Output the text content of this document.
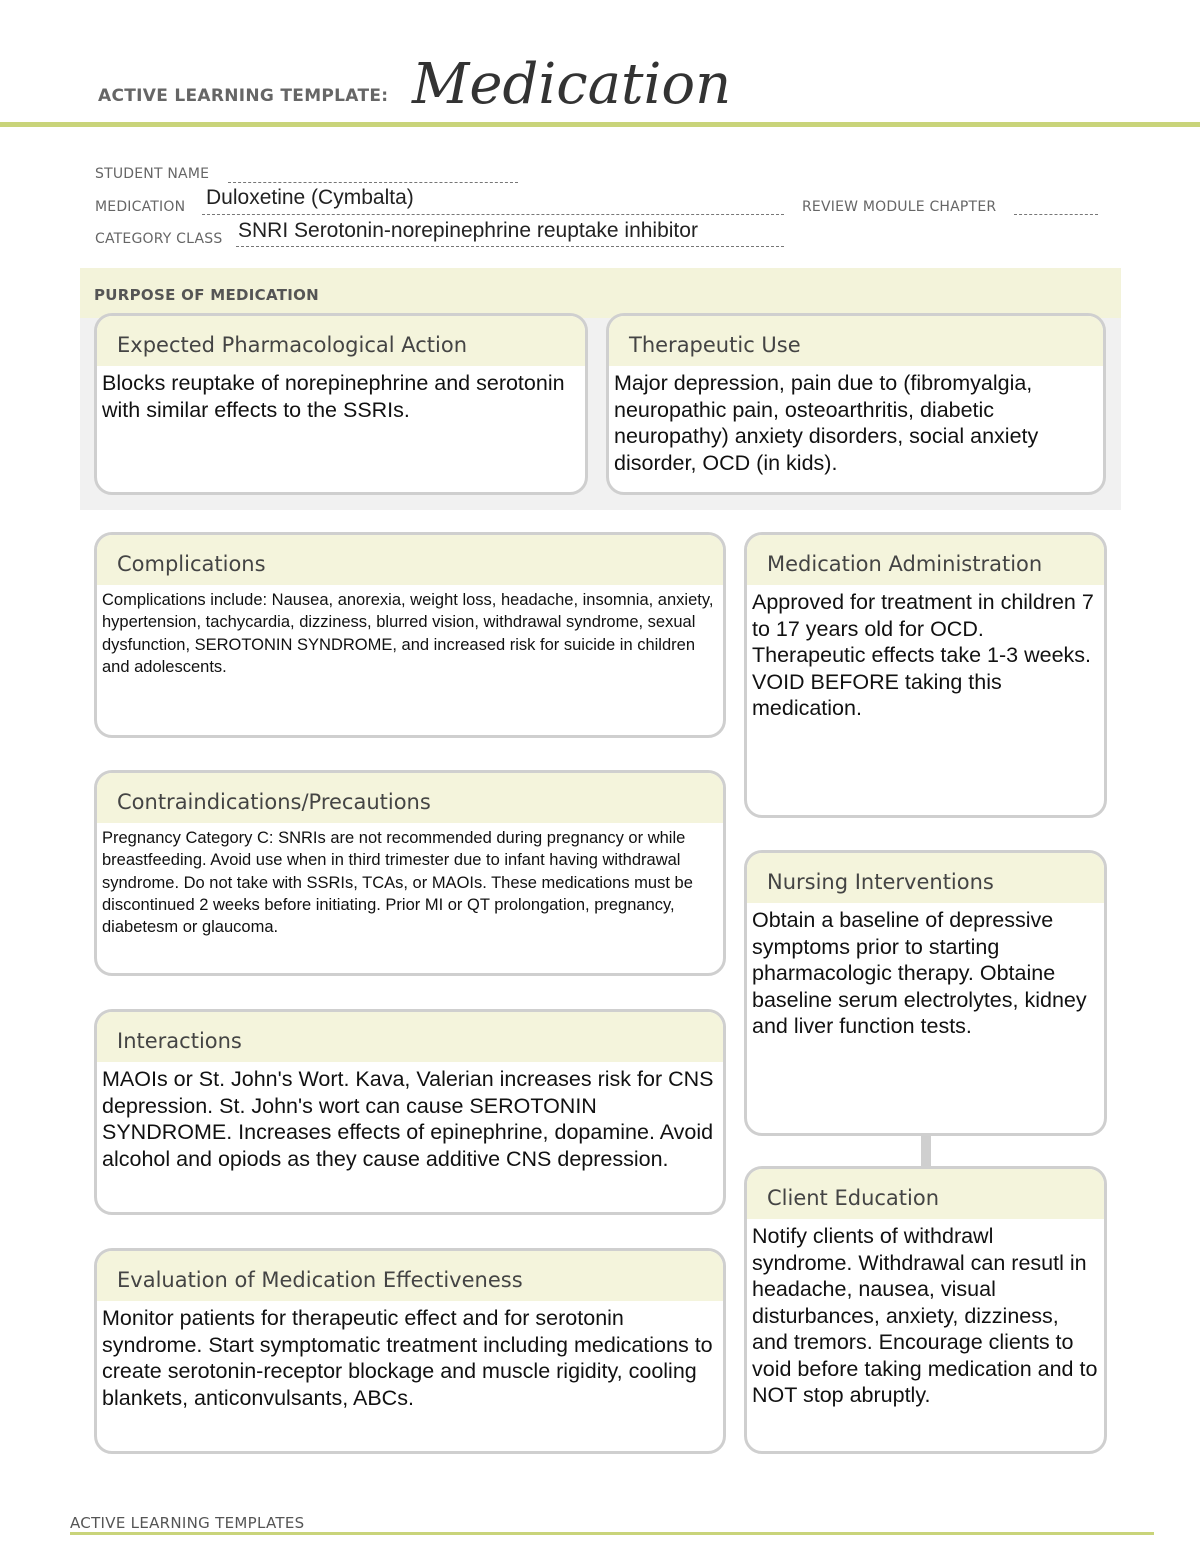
ACTIVE LEARNING TEMPLATE: Medication
STUDENT NAME
MEDICATION Duloxetine (Cymbalta)	REVIEW MODULE CHAPTER
CATEGORY CLASS SNRI Serotonin-norepinephrine reuptake inhibitor
PURPOSE OF MEDICATION
Expected Pharmacological Action
Blocks reuptake of norepinephrine and serotonin with similar effects to the SSRIs.
Therapeutic Use
Major depression, pain due to (fibromyalgia, neuropathic pain, osteoarthritis, diabetic neuropathy) anxiety disorders, social anxiety disorder, OCD (in kids).
Complications
Complications include: Nausea, anorexia, weight loss, headache, insomnia, anxiety, hypertension, tachycardia, dizziness, blurred vision, withdrawal syndrome, sexual dysfunction, SEROTONIN SYNDROME, and increased risk for suicide in children and adolescents.
Contraindications/Precautions
Pregnancy Category C: SNRIs are not recommended during pregnancy or while breastfeeding. Avoid use when in third trimester due to infant having withdrawal syndrome. Do not take with SSRIs, TCAs, or MAOIs. These medications must be discontinued 2 weeks before initiating. Prior MI or QT prolongation, pregnancy, diabetesm or glaucoma.
Interactions
MAOIs or St. John's Wort. Kava, Valerian increases risk for CNS depression. St. John's wort can cause SEROTONIN SYNDROME. Increases effects of epinephrine, dopamine. Avoid alcohol and opiods as they cause additive CNS depression.
Evaluation of Medication Effectiveness
Monitor patients for therapeutic effect and for serotonin syndrome. Start symptomatic treatment including medications to create serotonin-receptor blockage and muscle rigidity, cooling blankets, anticonvulsants, ABCs.
Medication Administration
Approved for treatment in children 7 to 17 years old for OCD. Therapeutic effects take 1-3 weeks. VOID BEFORE taking this medication.
Nursing Interventions
Obtain a baseline of depressive symptoms prior to starting pharmacologic therapy. Obtaine baseline serum electrolytes, kidney and liver function tests.
Client Education
Notify clients of withdrawl syndrome. Withdrawal can resutl in headache, nausea, visual disturbances, anxiety, dizziness, and tremors. Encourage clients to void before taking medication and to NOT stop abruptly.
ACTIVE LEARNING TEMPLATES
